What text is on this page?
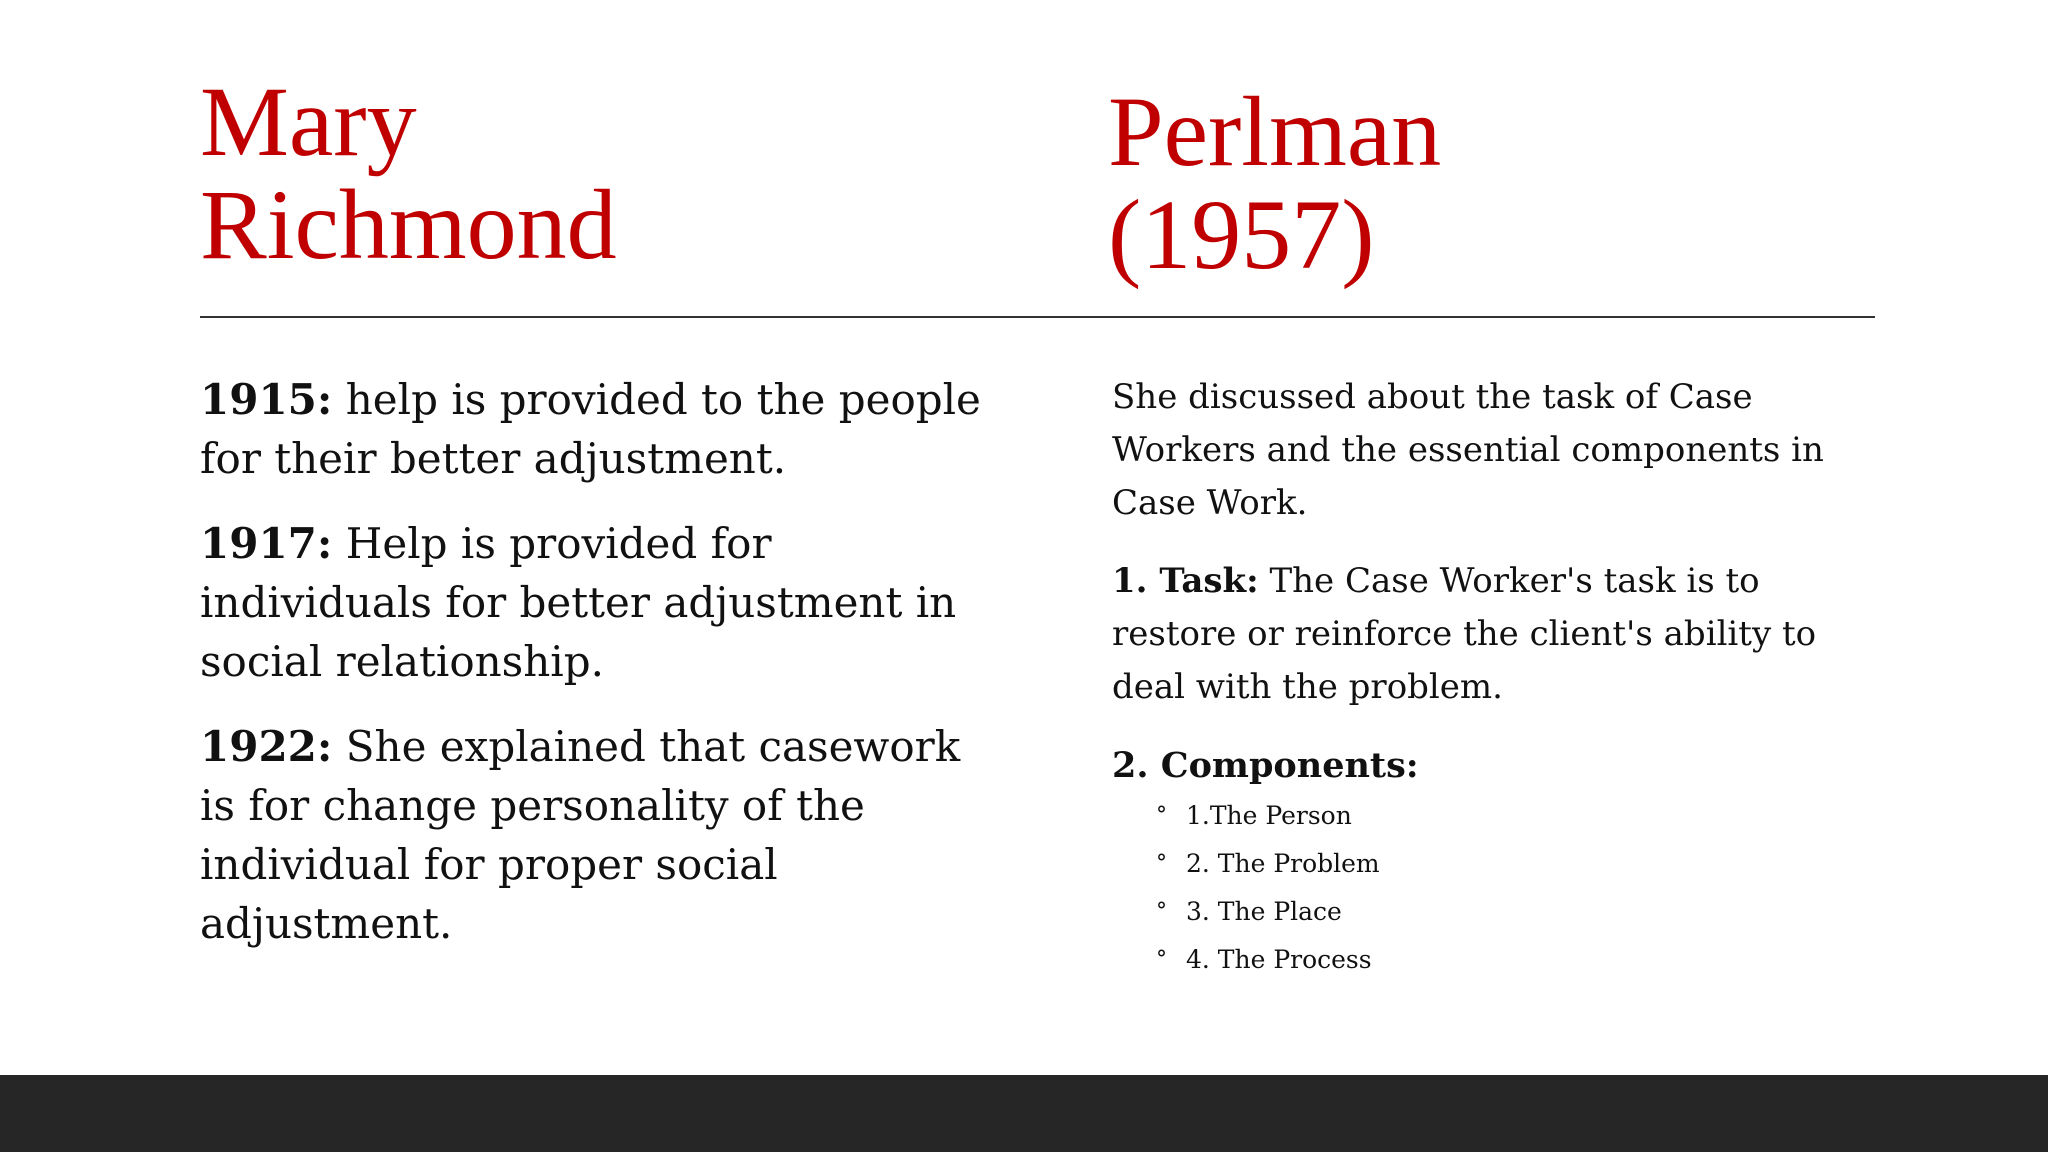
Mary
Richmond
Perlman
(1957)

1915: help is provided to the people for their better adjustment.

1917: Help is provided for individuals for better adjustment in social relationship.

1922: She explained that casework is for change personality of the individual for proper social adjustment.

She discussed about the task of Case Workers and the essential components in Case Work.

1. Task: The Case Worker's task is to restore or reinforce the client's ability to deal with the problem.

2. Components:
° 1.The Person
° 2. The Problem
° 3. The Place
° 4. The Process
